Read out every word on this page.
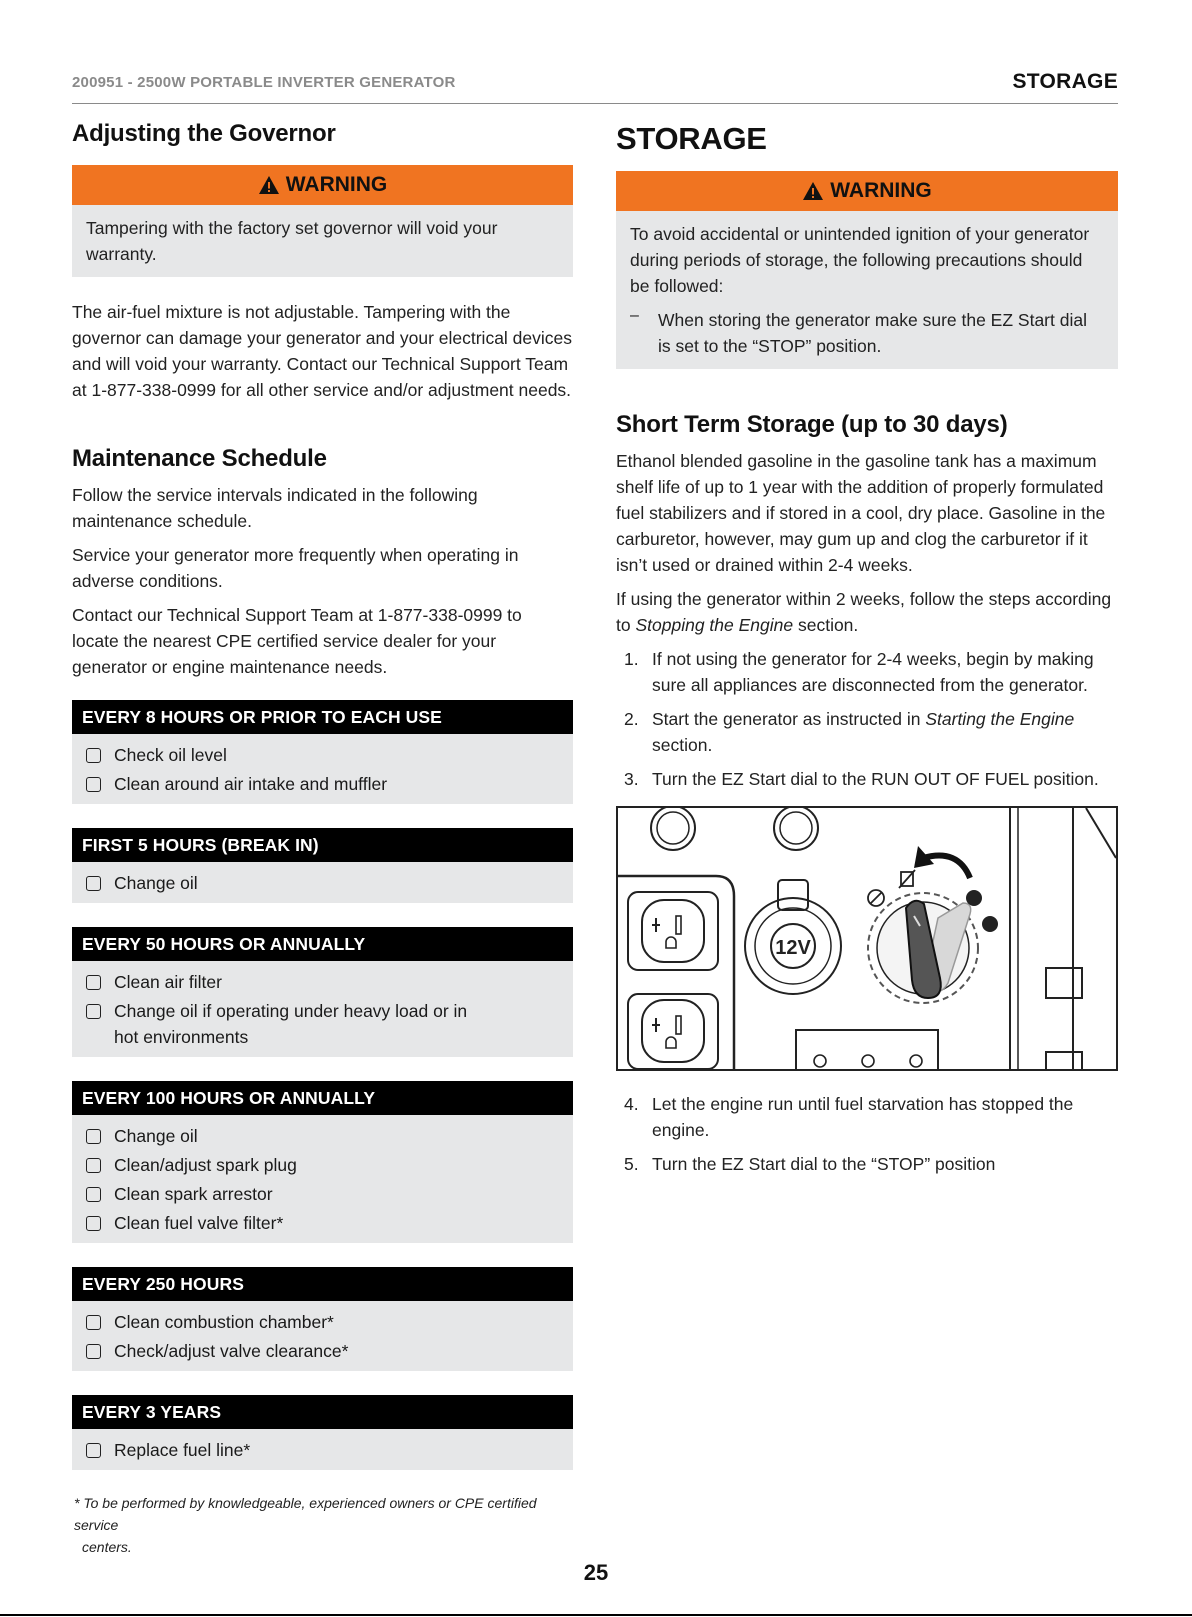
200951 - 2500W PORTABLE INVERTER GENERATOR	STORAGE
Adjusting the Governor
WARNING

Tampering with the factory set governor will void your warranty.

The air-fuel mixture is not adjustable. Tampering with the governor can damage your generator and your electrical devices and will void your warranty. Contact our Technical Support Team at 1-877-338-0999 for all other service and/or adjustment needs.

Maintenance Schedule

Follow the service intervals indicated in the following maintenance schedule.

Service your generator more frequently when operating in adverse conditions.

Contact our Technical Support Team at 1-877-338-0999 to locate the nearest CPE certified service dealer for your generator or engine maintenance needs.

EVERY 8 HOURS OR PRIOR TO EACH USE
Check oil level
Clean around air intake and muffler
FIRST 5 HOURS (BREAK IN)
Change oil
EVERY 50 HOURS OR ANNUALLY
Clean air filter
Change oil if operating under heavy load or in hot environments
EVERY 100 HOURS OR ANNUALLY
Change oil
Clean/adjust spark plug
Clean spark arrestor
Clean fuel valve filter*
EVERY 250 HOURS
Clean combustion chamber*
Check/adjust valve clearance*
EVERY 3 YEARS
Replace fuel line*
* To be performed by knowledgeable, experienced owners or CPE certified service
centers.
STORAGE
WARNING

To avoid accidental or unintended ignition of your generator during periods of storage, the following precautions should be followed:

–	When storing the generator make sure the EZ Start dial is set to the “STOP” position.

Short Term Storage (up to 30 days)

Ethanol blended gasoline in the gasoline tank has a maximum shelf life of up to 1 year with the addition of properly formulated fuel stabilizers and if stored in a cool, dry place. Gasoline in the carburetor, however, may gum up and clog the carburetor if it isn’t used or drained within 2-4 weeks.

If using the generator within 2 weeks, follow the steps according to Stopping the Engine section.

1. If not using the generator for 2-4 weeks, begin by making sure all appliances are disconnected from the generator.
2. Start the generator as instructed in Starting the Engine section.
3. Turn the EZ Start dial to the RUN OUT OF FUEL position.
12V
4. Let the engine run until fuel starvation has stopped the engine.
5. Turn the EZ Start dial to the “STOP” position
25
